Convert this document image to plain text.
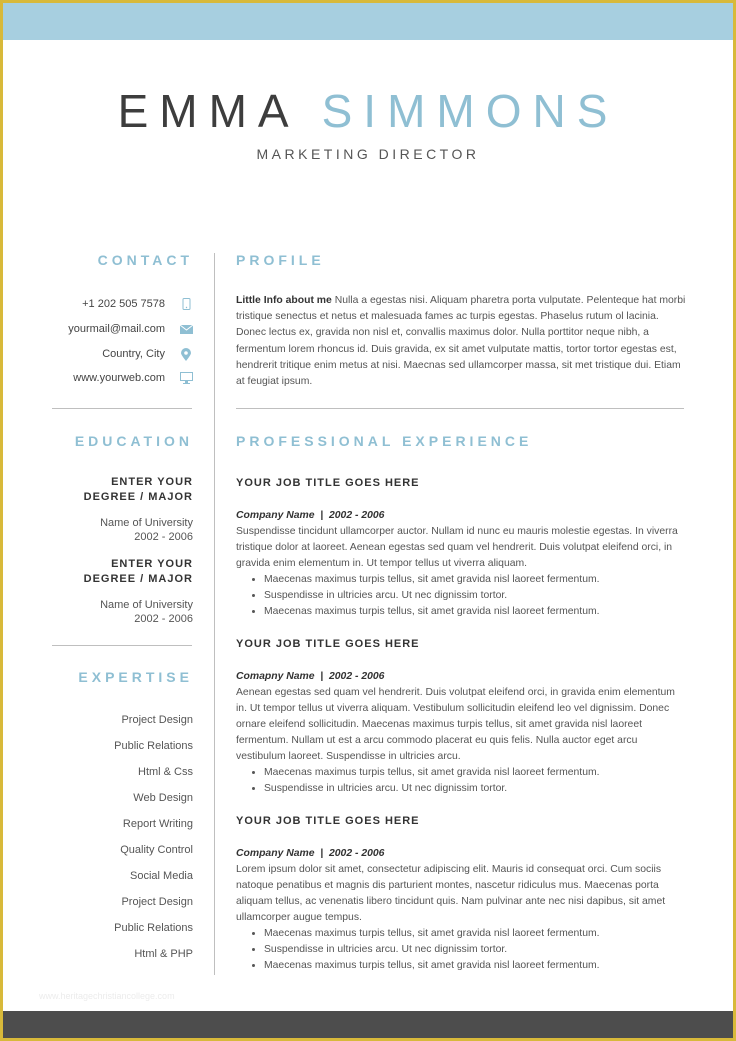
EMMA SIMMONS
MARKETING DIRECTOR
CONTACT
+1 202 505 7578
yourmail@mail.com
Country, City
www.yourweb.com
EDUCATION
ENTER YOUR
DEGREE / MAJOR
Name of University
2002 - 2006
ENTER YOUR
DEGREE / MAJOR
Name of University
2002 - 2006
EXPERTISE
Project Design
Public Relations
Html & Css
Web Design
Report Writing
Quality Control
Social Media
Project Design
Public Relations
Html & PHP
PROFILE
Little Info about me Nulla a egestas nisi. Aliquam pharetra porta vulputate. Pelenteque hat morbi tristique senectus et netus et malesuada fames ac turpis egestas. Phaselus rutum ol lacinia. Donec lectus ex, gravida non nisl et, convallis maximus dolor. Nulla porttitor neque nibh, a fermentum lorem rhoncus id. Duis gravida, ex sit amet vulputate mattis, tortor tortor egestas est, hendrerit tritique enim metus at nisi. Maecnas sed ullamcorper massa, sit met tristique dui. Etiam at feugiat ipsum.
PROFESSIONAL EXPERIENCE
YOUR JOB TITLE GOES HERE
Company Name  |  2002 - 2006
Suspendisse tincidunt ullamcorper auctor. Nullam id nunc eu mauris molestie egestas. In viverra tristique dolor at laoreet. Aenean egestas sed quam vel hendrerit. Duis volutpat eleifend orci, in gravida enim elementum in. Ut tempor tellus ut viverra aliquam.
• Maecenas maximus turpis tellus, sit amet gravida nisl laoreet fermentum.
• Suspendisse in ultricies arcu. Ut nec dignissim tortor.
• Maecenas maximus turpis tellus, sit amet gravida nisl laoreet fermentum.
YOUR JOB TITLE GOES HERE
Comapny Name  |  2002 - 2006
Aenean egestas sed quam vel hendrerit. Duis volutpat eleifend orci, in gravida enim elementum in. Ut tempor tellus ut viverra aliquam. Vestibulum sollicitudin eleifend leo vel dignissim. Donec ornare eleifend sollicitudin. Maecenas maximus turpis tellus, sit amet gravida nisl laoreet fermentum. Nullam ut est a arcu commodo placerat eu quis felis. Nulla auctor eget arcu vestibulum laoreet. Suspendisse in ultricies arcu.
• Maecenas maximus turpis tellus, sit amet gravida nisl laoreet fermentum.
• Suspendisse in ultricies arcu. Ut nec dignissim tortor.
YOUR JOB TITLE GOES HERE
Company Name  |  2002 - 2006
Lorem ipsum dolor sit amet, consectetur adipiscing elit. Mauris id consequat orci. Cum sociis natoque penatibus et magnis dis parturient montes, nascetur ridiculus mus. Maecenas porta aliquam tellus, ac venenatis libero tincidunt quis. Nam pulvinar ante nec nisi dapibus, sit amet ullamcorper augue tempus.
• Maecenas maximus turpis tellus, sit amet gravida nisl laoreet fermentum.
• Suspendisse in ultricies arcu. Ut nec dignissim tortor.
• Maecenas maximus turpis tellus, sit amet gravida nisl laoreet fermentum.
www.heritagechristiancollege.com
